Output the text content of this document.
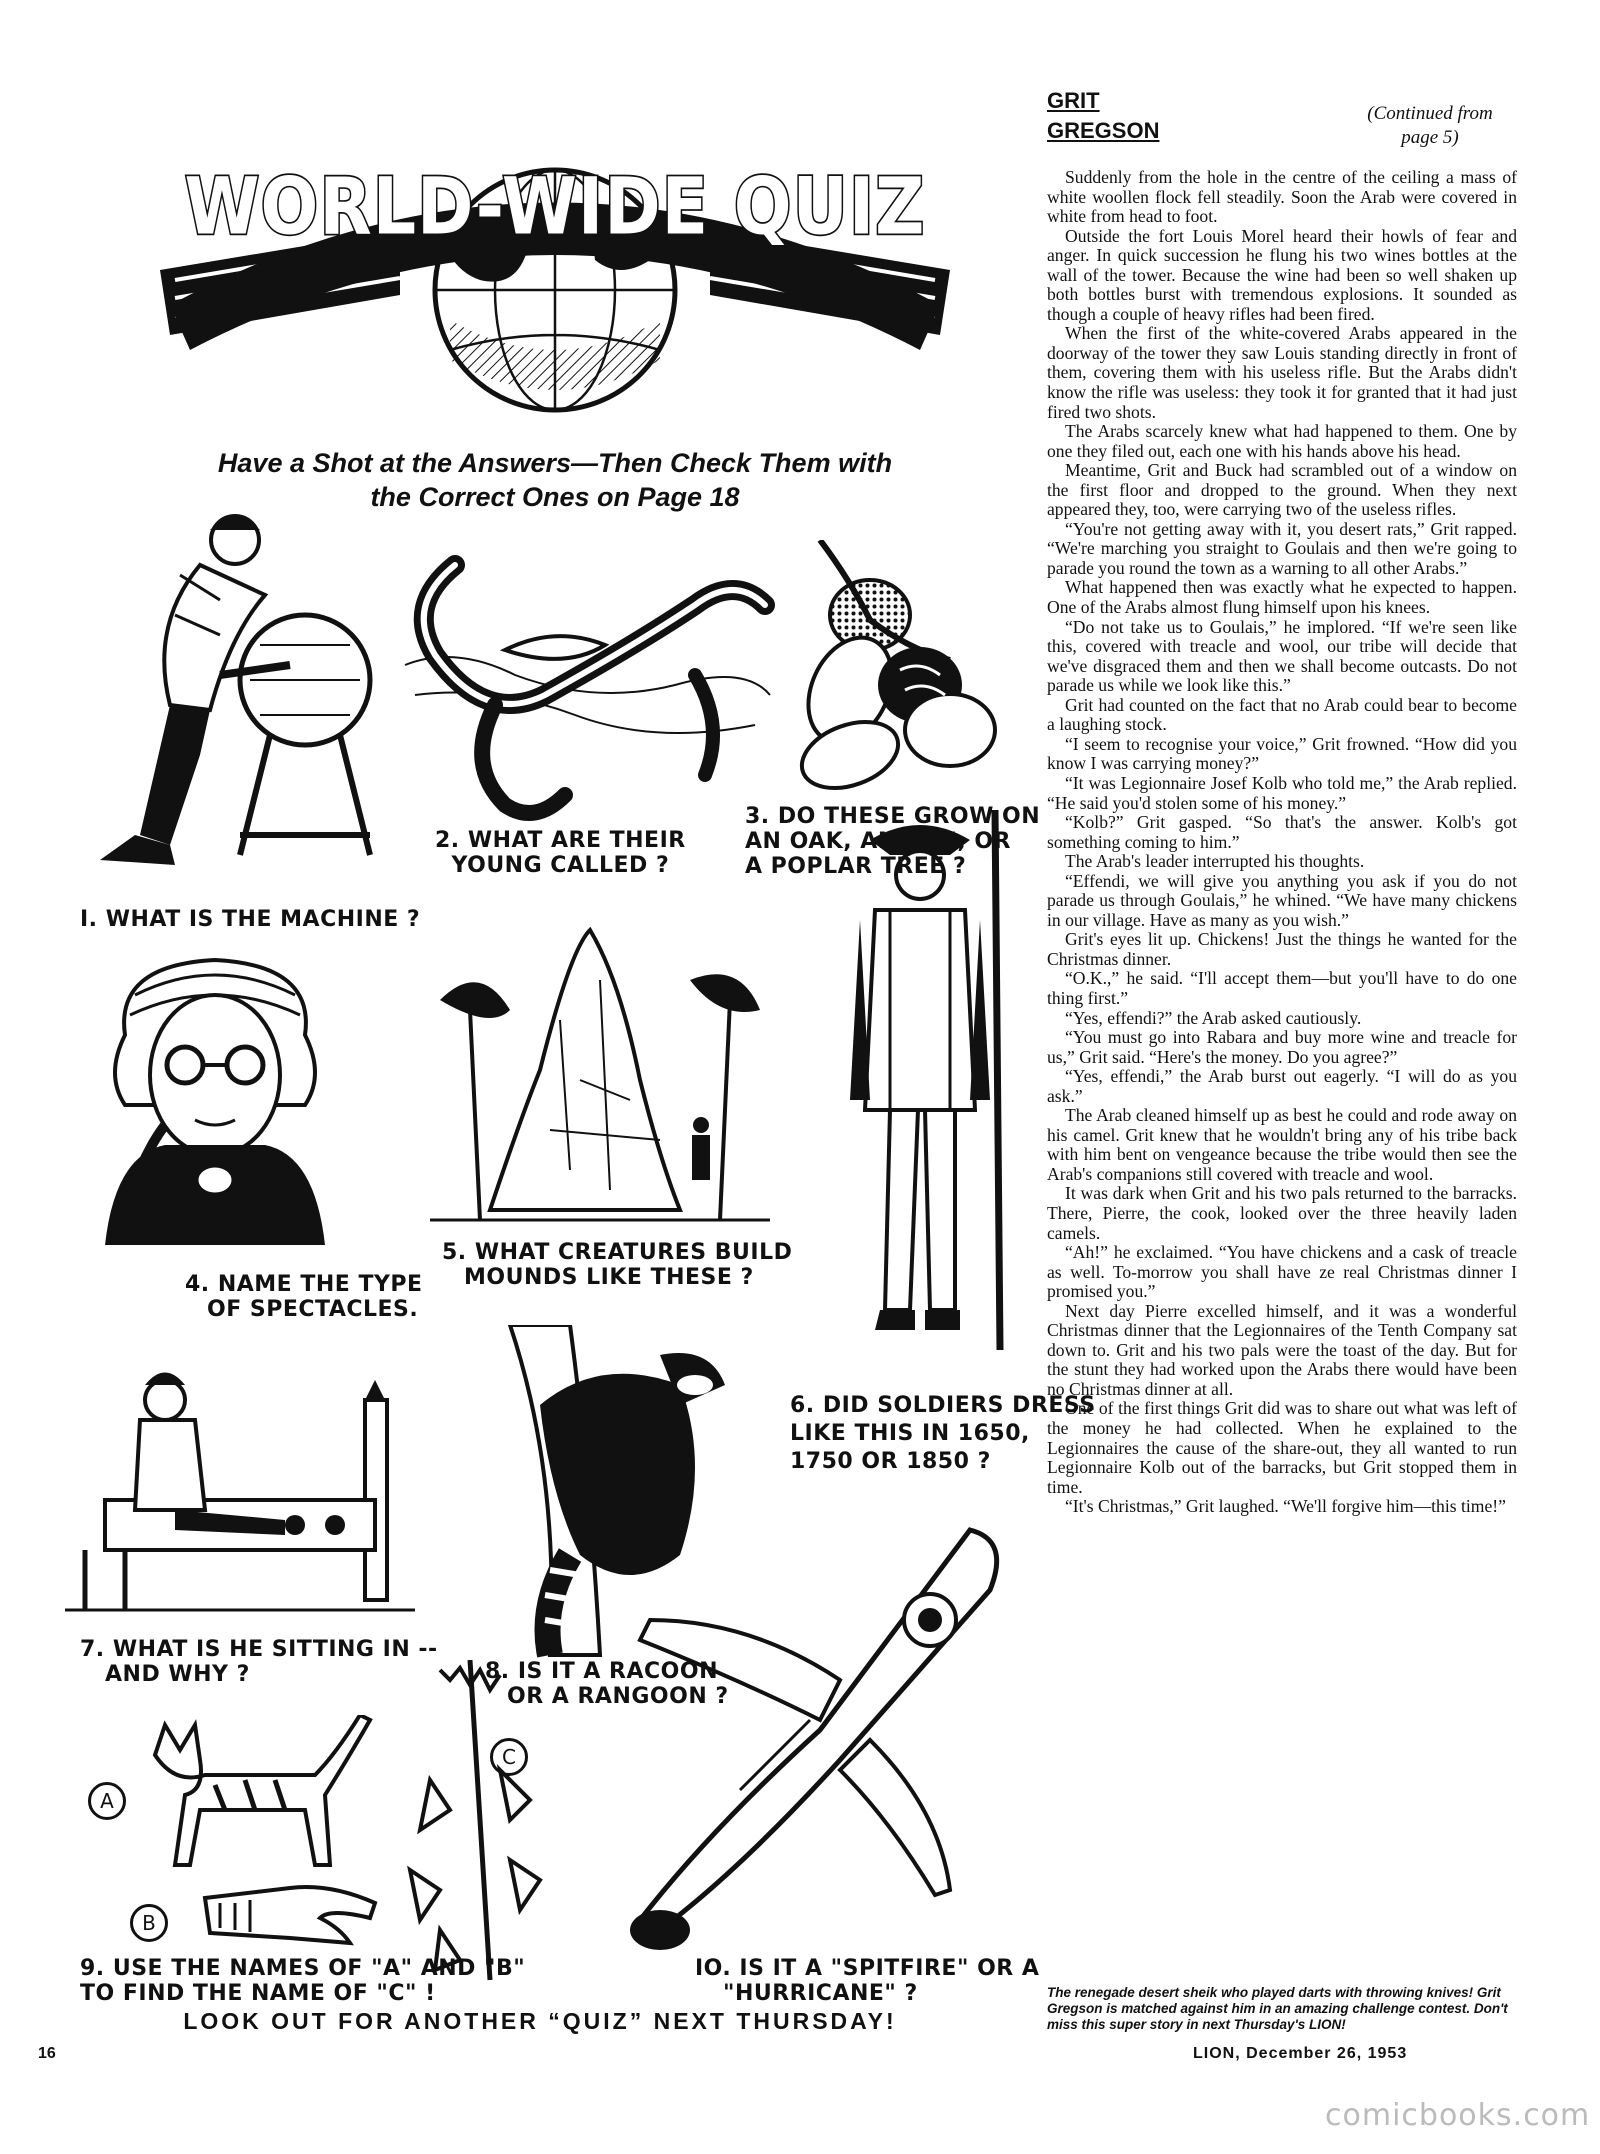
WORLD-WIDE QUIZ
Have a Shot at the Answers—Then Check Them with
the Correct Ones on Page 18
A
B
C
I. WHAT IS THE MACHINE ?
2. WHAT ARE THEIR
YOUNG CALLED ?
3. DO THESE GROW ON
AN OAK, AN ELM, OR
A POPLAR TREE ?
4. NAME THE TYPE
OF SPECTACLES.
5. WHAT CREATURES BUILD
MOUNDS LIKE THESE ?
6. DID SOLDIERS DRESS
LIKE THIS IN 1650,
1750 OR 1850 ?
7. WHAT IS HE SITTING IN --
AND WHY ?	8. IS IT A RACOON
OR A RANGOON ?
9. USE THE NAMES OF "A" AND "B"
TO FIND THE NAME OF "C" !
IO. IS IT A "SPITFIRE" OR A
"HURRICANE" ?
LOOK OUT FOR ANOTHER “QUIZ” NEXT THURSDAY!
GRIT
GREGSON
(Continued from
page 5)

Suddenly from the hole in the centre of the ceiling a mass of white woollen flock fell steadily. Soon the Arab were covered in white from head to foot.

Outside the fort Louis Morel heard their howls of fear and anger. In quick succession he flung his two wines bottles at the wall of the tower. Because the wine had been so well shaken up both bottles burst with tremendous explosions. It sounded as though a couple of heavy rifles had been fired.

When the first of the white-covered Arabs appeared in the doorway of the tower they saw Louis standing directly in front of them, covering them with his useless rifle. But the Arabs didn't know the rifle was useless: they took it for granted that it had just fired two shots.

The Arabs scarcely knew what had happened to them. One by one they filed out, each one with his hands above his head.

Meantime, Grit and Buck had scrambled out of a window on the first floor and dropped to the ground. When they next appeared they, too, were carrying two of the useless rifles.

“You're not getting away with it, you desert rats,” Grit rapped. “We're marching you straight to Goulais and then we're going to parade you round the town as a warning to all other Arabs.”

What happened then was exactly what he expected to happen. One of the Arabs almost flung himself upon his knees.

“Do not take us to Goulais,” he implored. “If we're seen like this, covered with treacle and wool, our tribe will decide that we've disgraced them and then we shall become outcasts. Do not parade us while we look like this.”

Grit had counted on the fact that no Arab could bear to become a laughing stock.

“I seem to recognise your voice,” Grit frowned. “How did you know I was carrying money?”

“It was Legionnaire Josef Kolb who told me,” the Arab replied. “He said you'd stolen some of his money.”

“Kolb?” Grit gasped. “So that's the answer. Kolb's got something coming to him.”

The Arab's leader interrupted his thoughts.

“Effendi, we will give you anything you ask if you do not parade us through Goulais,” he whined. “We have many chickens in our village. Have as many as you wish.”

Grit's eyes lit up. Chickens! Just the things he wanted for the Christmas dinner.

“O.K.,” he said. “I'll accept them—but you'll have to do one thing first.”

“Yes, effendi?” the Arab asked cautiously.

“You must go into Rabara and buy more wine and treacle for us,” Grit said. “Here's the money. Do you agree?”

“Yes, effendi,” the Arab burst out eagerly. “I will do as you ask.”

The Arab cleaned himself up as best he could and rode away on his camel. Grit knew that he wouldn't bring any of his tribe back with him bent on vengeance because the tribe would then see the Arab's companions still covered with treacle and wool.

It was dark when Grit and his two pals returned to the barracks. There, Pierre, the cook, looked over the three heavily laden camels.

“Ah!” he exclaimed. “You have chickens and a cask of treacle as well. To-morrow you shall have ze real Christmas dinner I promised you.”

Next day Pierre excelled himself, and it was a wonderful Christmas dinner that the Legionnaires of the Tenth Company sat down to. Grit and his two pals were the toast of the day. But for the stunt they had worked upon the Arabs there would have been no Christmas dinner at all.

One of the first things Grit did was to share out what was left of the money he had collected. When he explained to the Legionnaires the cause of the share-out, they all wanted to run Legionnaire Kolb out of the barracks, but Grit stopped them in time.

“It's Christmas,” Grit laughed. “We'll forgive him—this time!”

The renegade desert sheik who played darts with throwing knives! Grit Gregson is matched against him in an amazing challenge contest. Don't miss this super story in next Thursday's LION!
16	LION, December 26, 1953
comicbooks.com
